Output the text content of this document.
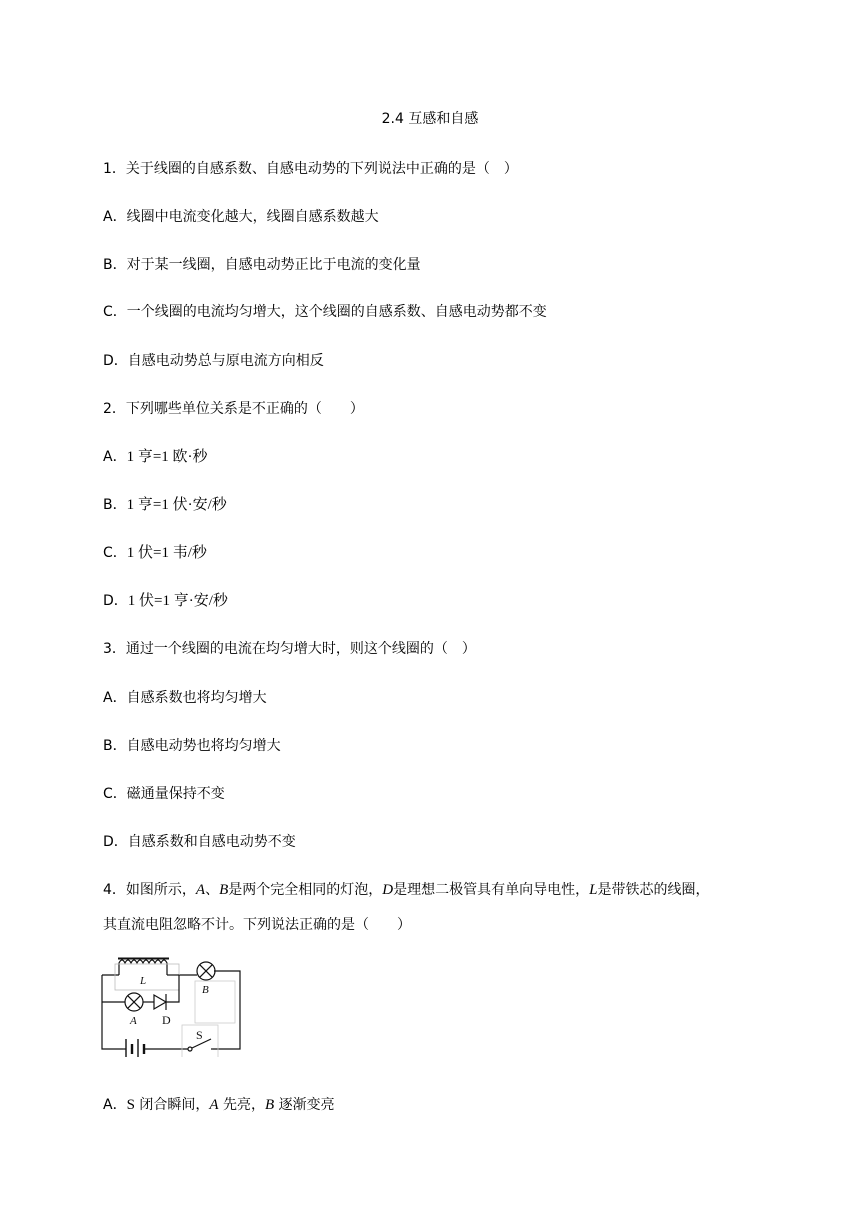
2.4 互感和自感
1．关于线圈的自感系数、自感电动势的下列说法中正确的是（　）
A．线圈中电流变化越大，线圈自感系数越大
B．对于某一线圈，自感电动势正比于电流的变化量
C．一个线圈的电流均匀增大，这个线圈的自感系数、自感电动势都不变
D．自感电动势总与原电流方向相反
2．下列哪些单位关系是不正确的（　　）
A．1 亨=1 欧·秒
B．1 亨=1 伏·安/秒
C．1 伏=1 韦/秒
D．1 伏=1 亨·安/秒
3．通过一个线圈的电流在均匀增大时，则这个线圈的（　）
A．自感系数也将均匀增大
B．自感电动势也将均匀增大
C．磁通量保持不变
D．自感系数和自感电动势不变
4．如图所示，A、B是两个完全相同的灯泡，D是理想二极管具有单向导电性，L是带铁芯的线圈，
其直流电阻忽略不计。下列说法正确的是（　　）
L
B
A D
S
A．S 闭合瞬间，A 先亮，B 逐渐变亮
